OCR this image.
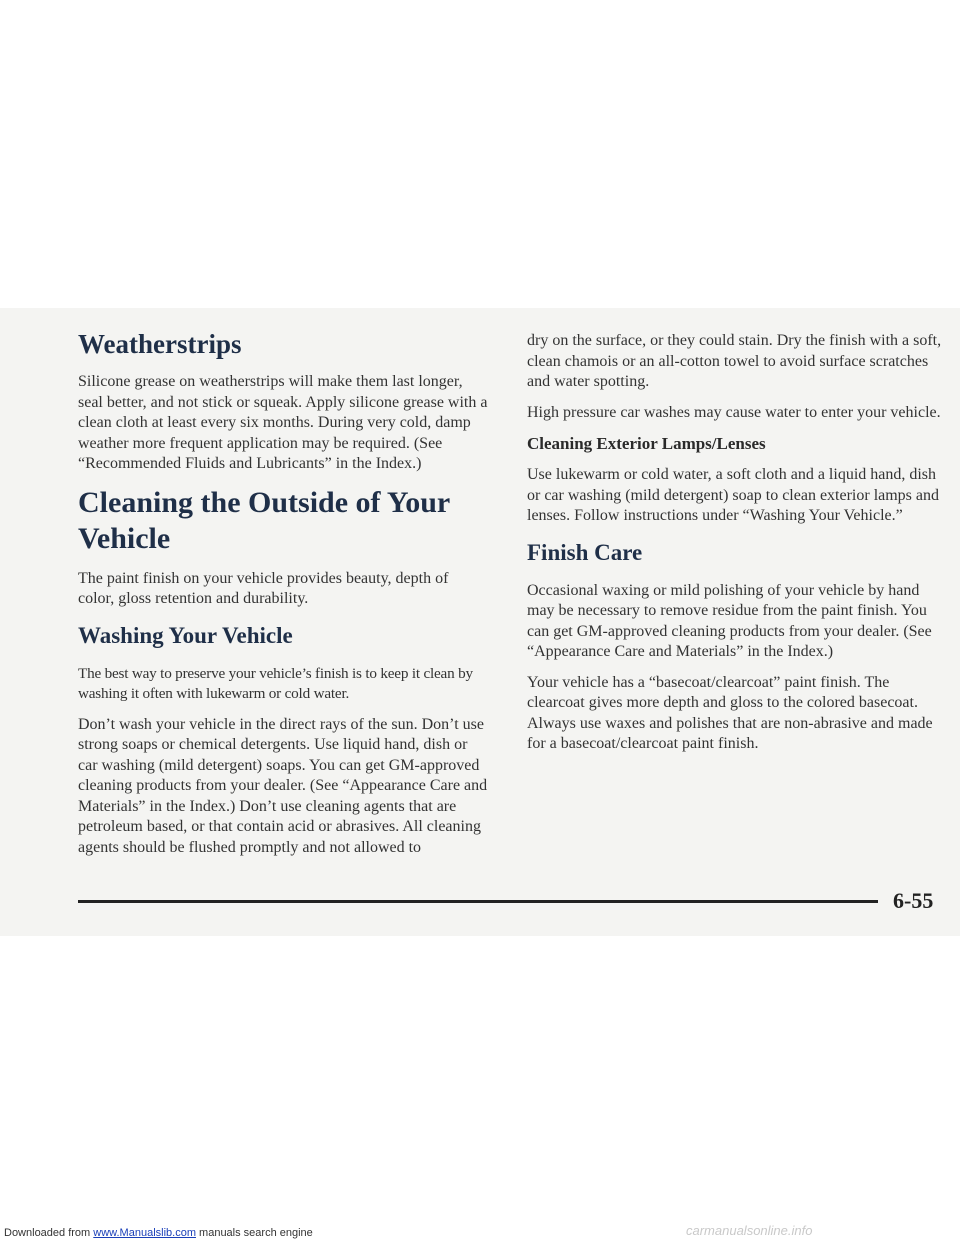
Weatherstrips

Silicone grease on weatherstrips will make them last longer, seal better, and not stick or squeak. Apply silicone grease with a clean cloth at least every six months. During very cold, damp weather more frequent application may be required. (See “Recommended Fluids and Lubricants” in the Index.)

Cleaning the Outside of Your Vehicle

The paint finish on your vehicle provides beauty, depth of color, gloss retention and durability.

Washing Your Vehicle

The best way to preserve your vehicle’s finish is to keep it clean by washing it often with lukewarm or cold water.

Don’t wash your vehicle in the direct rays of the sun. Don’t use strong soaps or chemical detergents. Use liquid hand, dish or car washing (mild detergent) soaps. You can get GM-approved cleaning products from your dealer. (See “Appearance Care and Materials” in the Index.) Don’t use cleaning agents that are petroleum based, or that contain acid or abrasives. All cleaning agents should be flushed promptly and not allowed to

dry on the surface, or they could stain. Dry the finish with a soft, clean chamois or an all-cotton towel to avoid surface scratches and water spotting.

High pressure car washes may cause water to enter your vehicle.

Cleaning Exterior Lamps/Lenses

Use lukewarm or cold water, a soft cloth and a liquid hand, dish or car washing (mild detergent) soap to clean exterior lamps and lenses. Follow instructions under “Washing Your Vehicle.”

Finish Care

Occasional waxing or mild polishing of your vehicle by hand may be necessary to remove residue from the paint finish. You can get GM-approved cleaning products from your dealer. (See “Appearance Care and Materials” in the Index.)

Your vehicle has a “basecoat/clearcoat” paint finish. The clearcoat gives more depth and gloss to the colored basecoat. Always use waxes and polishes that are non-abrasive and made for a basecoat/clearcoat paint finish.

6-55
Downloaded from www.Manualslib.com manuals search engine	carmanualsonline.info
